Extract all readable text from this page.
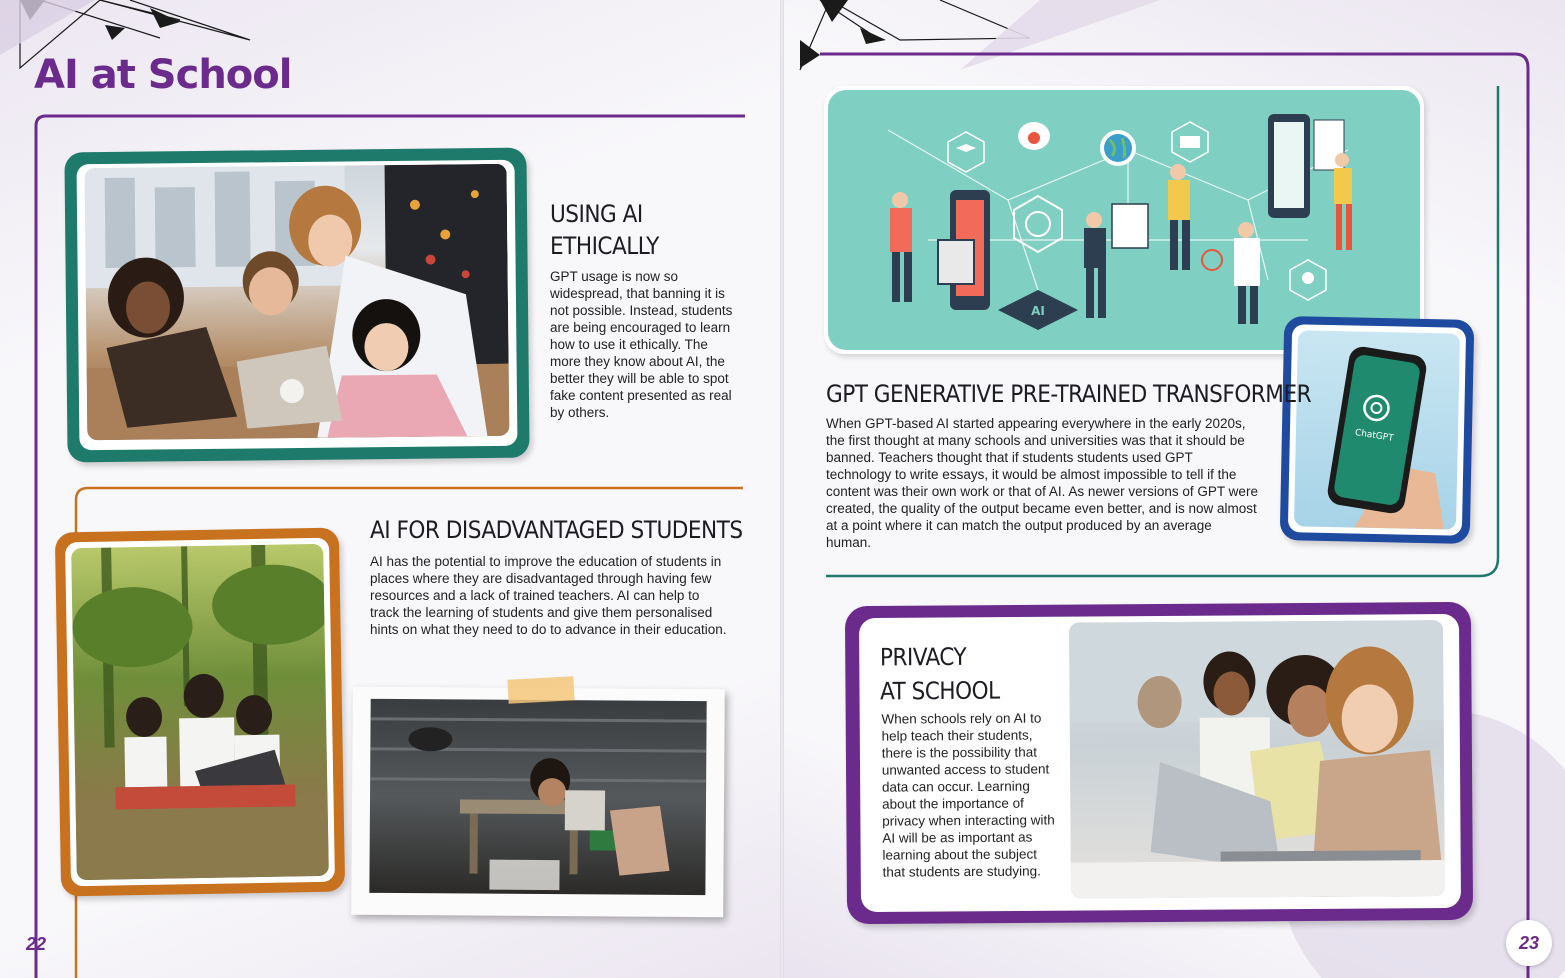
AI at School
USING AI
ETHICALLY
GPT usage is now so widespread, that banning it is not possible. Instead, students are being encouraged to learn how to use it ethically. The more they know about AI, the better they will be able to spot fake content presented as real by others.
AI FOR DISADVANTAGED STUDENTS
AI has the potential to improve the education of students in places where they are disadvantaged through having few resources and a lack of trained teachers. AI can help to track the learning of students and give them personalised hints on what they need to do to advance in their education.
22
AI
ChatGPT
GPT GENERATIVE PRE-TRAINED TRANSFORMER
When GPT-based AI started appearing everywhere in the early 2020s, the first thought at many schools and universities was that it should be banned. Teachers thought that if students students used GPT technology to write essays, it would be almost impossible to tell if the content was their own work or that of AI. As newer versions of GPT were created, the quality of the output became even better, and is now almost at a point where it can match the output produced by an average human.
PRIVACY
AT SCHOOL
When schools rely on AI to help teach their students, there is the possibility that unwanted access to student data can occur. Learning about the importance of privacy when interacting with AI will be as important as learning about the subject that students are studying.
23
